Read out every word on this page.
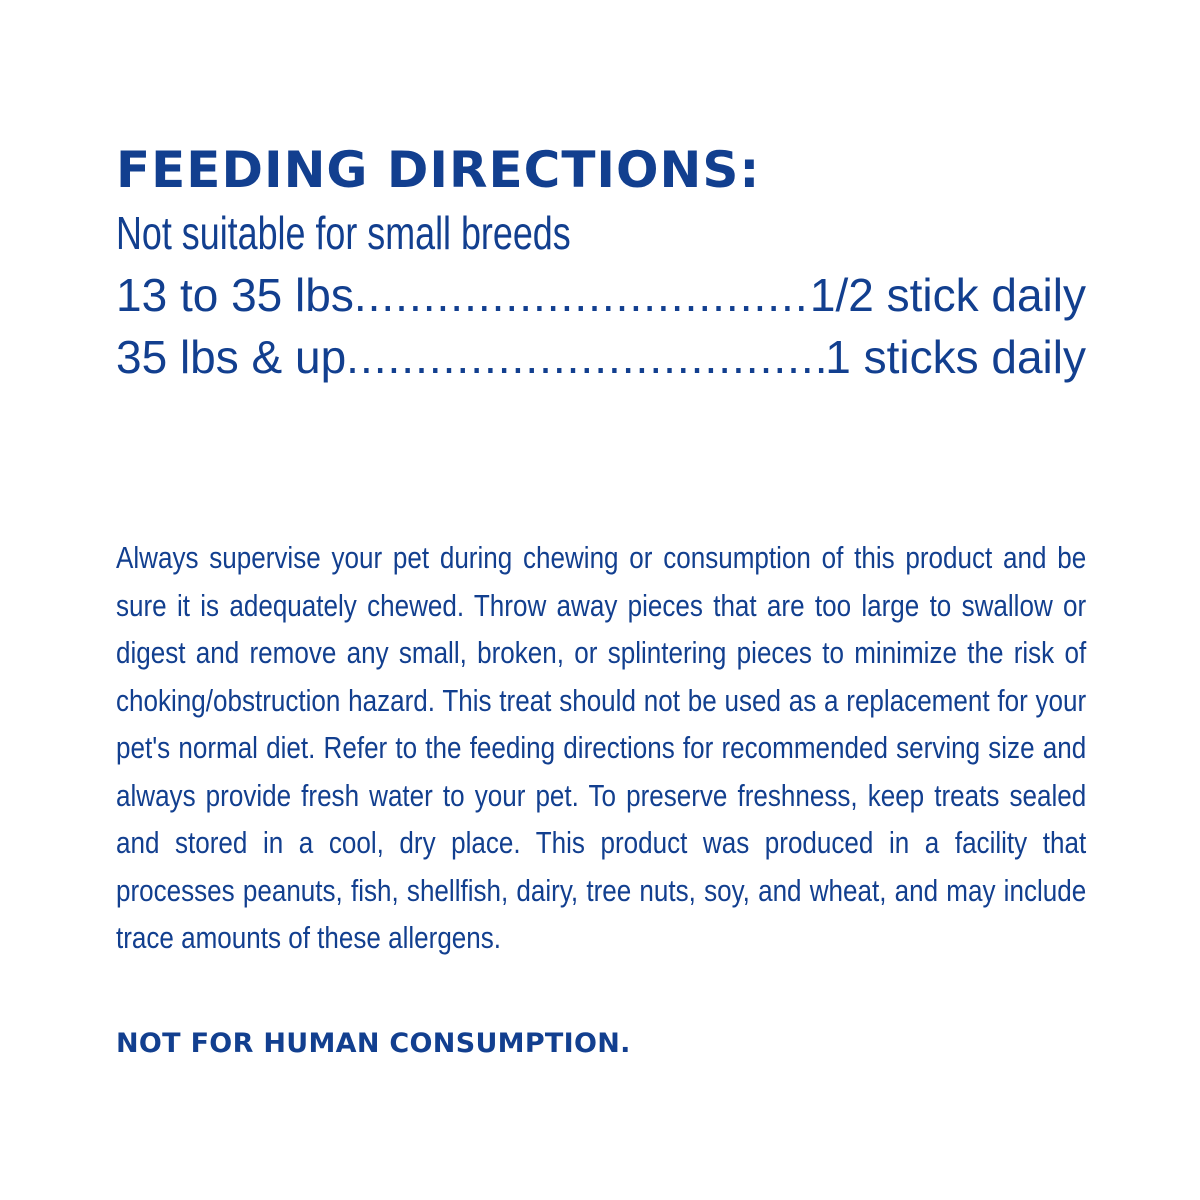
FEEDING DIRECTIONS:
Not suitable for small breeds
13 to 35 lbs .....	1/2 stick daily
35 lbs & up .....	1 sticks daily

Always supervise your pet during chewing or consumption of this product and be sure it is adequately chewed. Throw away pieces that are too large to swallow or digest and remove any small, broken, or splintering pieces to minimize the risk of choking/obstruction hazard. This treat should not be used as a replacement for your pet's normal diet. Refer to the feeding directions for recommended serving size and always provide fresh water to your pet. To preserve freshness, keep treats sealed and stored in a cool, dry place. This product was produced in a facility that processes peanuts, fish, shellfish, dairy, tree nuts, soy, and wheat, and may include trace amounts of these allergens.

NOT FOR HUMAN CONSUMPTION.
